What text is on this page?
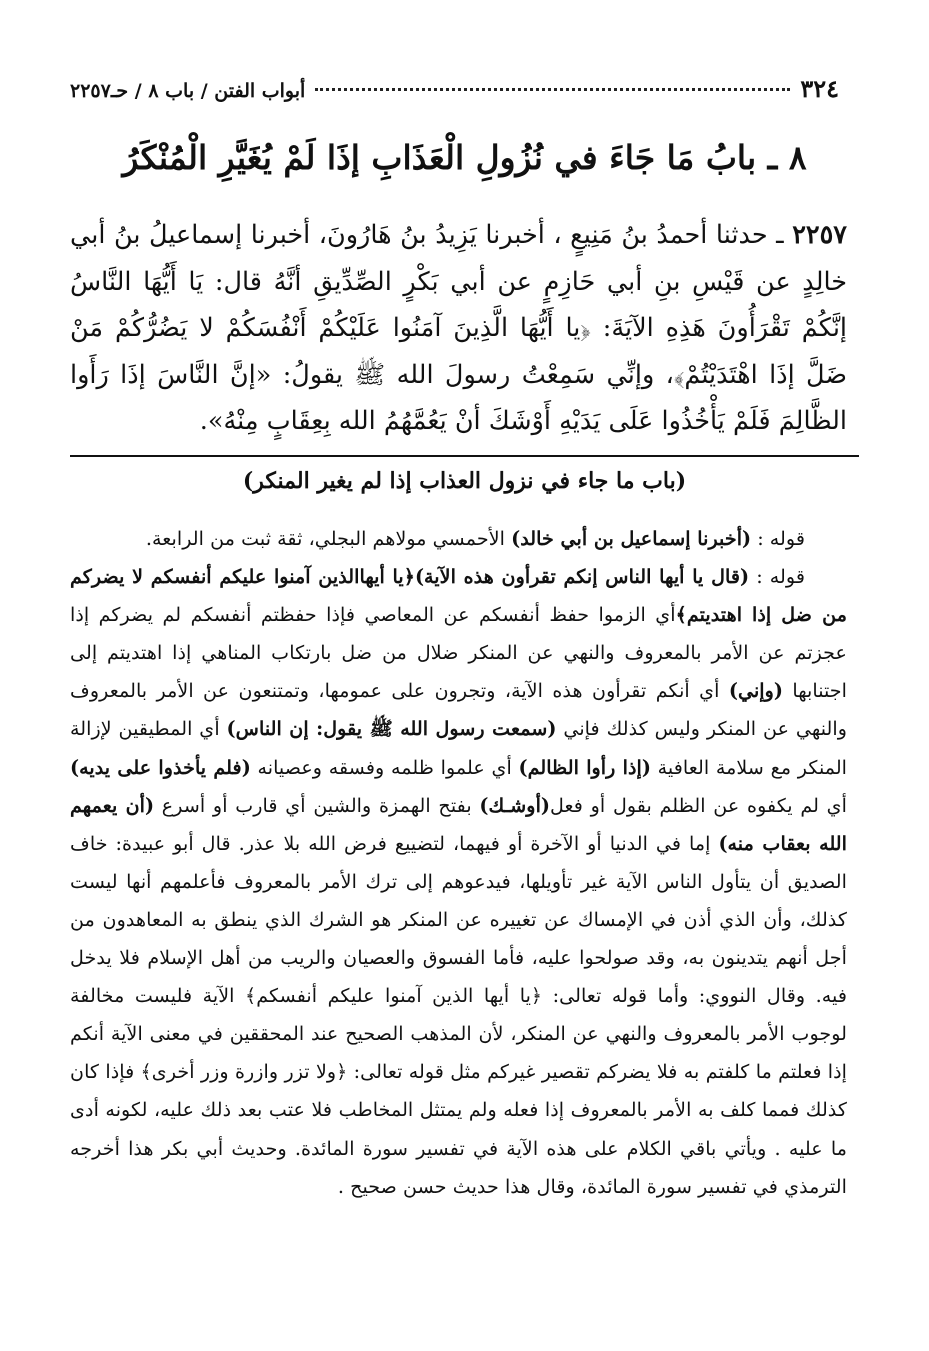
٣٢٤
أبواب الفتن / باب ٨ / حـ٢٢٥٧
٨ ـ بابُ مَا جَاءَ في نُزُولِ الْعَذَابِ إذَا لَمْ يُغَيَّرِ الْمُنْكَرُ
٢٢٥٧ ـ حدثنا أحمدُ بنُ مَنِيعٍ ، أخبرنا يَزِيدُ بنُ هَارُونَ، أخبرنا إسماعيلُ بنُ أبي خالِدٍ عن قَيْسِ بنِ أبي حَازِمٍ عن أبي بَكْرٍ الصِّدِّيقِ أنَّهُ قال: يَا أَيُّهَا النَّاسُ إنَّكُمْ تَقْرَأُونَ هَذِهِ الآيَةَ: ﴿يا أَيُّهَا الَّذِينَ آمَنُوا عَلَيْكُمْ أَنْفُسَكُمْ لا يَضُرُّكُمْ مَنْ ضَلَّ إذَا اهْتَدَيْتُمْ﴾، وإنِّي سَمِعْتُ رسولَ الله ﷺ يقولُ: «إنَّ النَّاسَ إذَا رَأَوا الظَّالِمَ فَلَمْ يَأْخُذُوا عَلَى يَدَيْهِ أَوْشَكَ أنْ يَعُمَّهُمُ الله بِعِقَابٍ مِنْهُ».
(باب ما جاء في نزول العذاب إذا لم يغير المنكر)

قوله : (أخبرنا إسماعيل بن أبي خالد) الأحمسي مولاهم البجلي، ثقة ثبت من الرابعة.

قوله : (قال يا أيها الناس إنكم تقرأون هذه الآية)﴿يا أيهاالذين آمنوا عليكم أنفسكم لا يضركم من ضل إذا اهتديتم﴾أي الزموا حفظ أنفسكم عن المعاصي فإذا حفظتم أنفسكم لم يضركم إذا عجزتم عن الأمر بالمعروف والنهي عن المنكر ضلال من ضل بارتكاب المناهي إذا اهتديتم إلى اجتنابها (وإني) أي أنكم تقرأون هذه الآية، وتجرون على عمومها، وتمتنعون عن الأمر بالمعروف والنهي عن المنكر وليس كذلك فإني (سمعت رسول الله ﷺ يقول: إن الناس) أي المطيقين لإزالة المنكر مع سلامة العافية (إذا رأوا الظالم) أي علموا ظلمه وفسقه وعصيانه (فلم يأخذوا على يديه) أي لم يكفوه عن الظلم بقول أو فعل(أوشـك) بفتح الهمزة والشين أي قارب أو أسرع (أن يعمهم الله بعقاب منه) إما في الدنيا أو الآخرة أو فيهما، لتضييع فرض الله بلا عذر. قال أبو عبيدة: خاف الصديق أن يتأول الناس الآية غير تأويلها، فيدعوهم إلى ترك الأمر بالمعروف فأعلمهم أنها ليست كذلك، وأن الذي أذن في الإمساك عن تغييره عن المنكر هو الشرك الذي ينطق به المعاهدون من أجل أنهم يتدينون به، وقد صولحوا عليه، فأما الفسوق والعصيان والريب من أهل الإسلام فلا يدخل فيه. وقال النووي: وأما قوله تعالى: ﴿يا أيها الذين آمنوا عليكم أنفسكم﴾ الآية فليست مخالفة لوجوب الأمر بالمعروف والنهي عن المنكر، لأن المذهب الصحيح عند المحققين في معنى الآية أنكم إذا فعلتم ما كلفتم به فلا يضركم تقصير غيركم مثل قوله تعالى: ﴿ولا تزر وازرة وزر أخرى﴾ فإذا كان كذلك فمما كلف به الأمر بالمعروف إذا فعله ولم يمتثل المخاطب فلا عتب بعد ذلك عليه، لكونه أدى ما عليه . ويأتي باقي الكلام على هذه الآية في تفسير سورة المائدة. وحديث أبي بكر هذا أخرجه الترمذي في تفسير سورة المائدة، وقال هذا حديث حسن صحيح .
